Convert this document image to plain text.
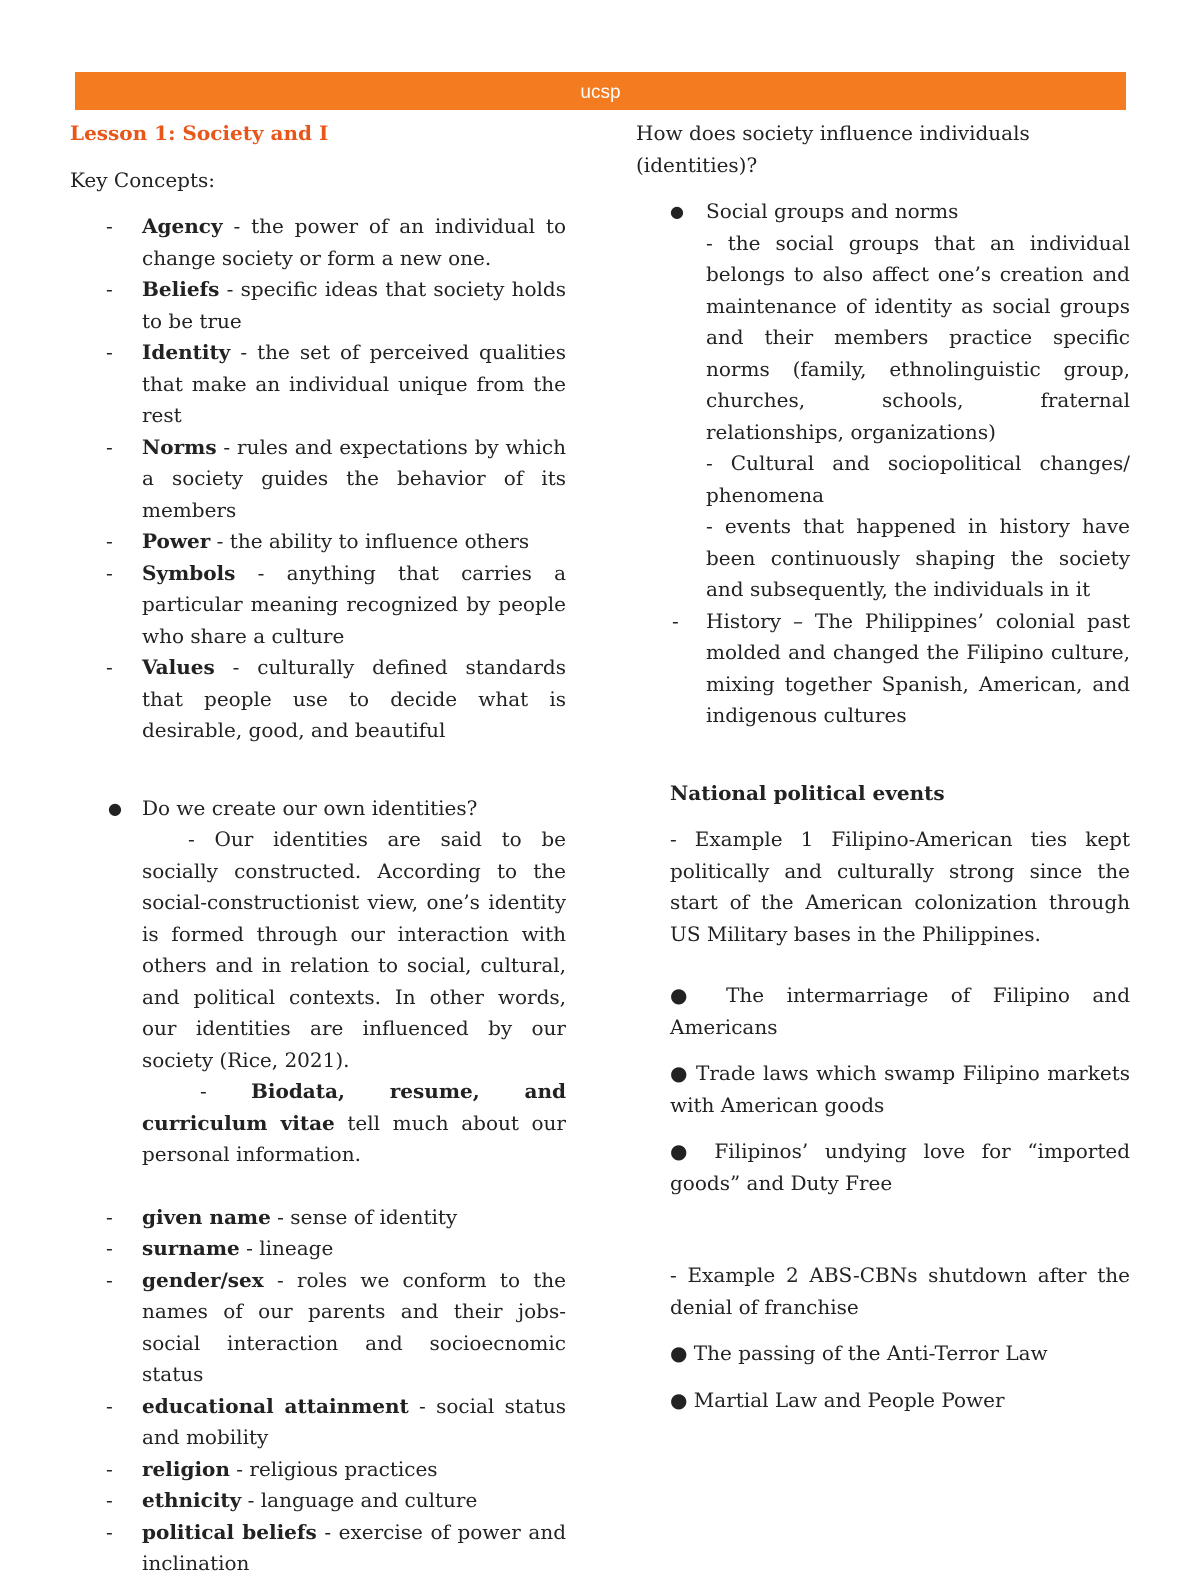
ucsp

Lesson 1: Society and I

Key Concepts:

- Agency - the power of an individual to change society or form a new one.
- Beliefs - specific ideas that society holds to be true
- Identity - the set of perceived qualities that make an individual unique from the rest
- Norms - rules and expectations by which a society guides the behavior of its members
- Power - the ability to influence others
- Symbols - anything that carries a particular meaning recognized by people who share a culture
- Values - culturally defined standards that people use to decide what is desirable, good, and beautiful
● Do we create our own identities?

- Our identities are said to be socially constructed. According to the social-constructionist view, one’s identity is formed through our interaction with others and in relation to social, cultural, and political contexts. In other words, our identities are influenced by our society (Rice, 2021).

- Biodata, resume, and curriculum vitae tell much about our personal information.

- given name - sense of identity
- surname - lineage
- gender/sex - roles we conform to the names of our parents and their jobs-social interaction and socioecnomic status
- educational attainment - social status and mobility
- religion - religious practices
- ethnicity - language and culture
- political beliefs - exercise of power and inclination

How does society influence individuals (identities)?

● Social groups and norms

- the social groups that an individual belongs to also affect one’s creation and maintenance of identity as social groups and their members practice specific norms (family, ethnolinguistic group, churches, schools, fraternal relationships, organizations)

- Cultural and sociopolitical changes/ phenomena

- events that happened in history have been continuously shaping the society and subsequently, the individuals in it

- History – The Philippines’ colonial past molded and changed the Filipino culture, mixing together Spanish, American, and indigenous cultures

National political events

- Example 1 Filipino-American ties kept politically and culturally strong since the start of the American colonization through US Military bases in the Philippines.

● The intermarriage of Filipino and Americans

● Trade laws which swamp Filipino markets with American goods

● Filipinos’ undying love for “imported goods” and Duty Free

- Example 2 ABS-CBNs shutdown after the denial of franchise

● The passing of the Anti-Terror Law

● Martial Law and People Power
